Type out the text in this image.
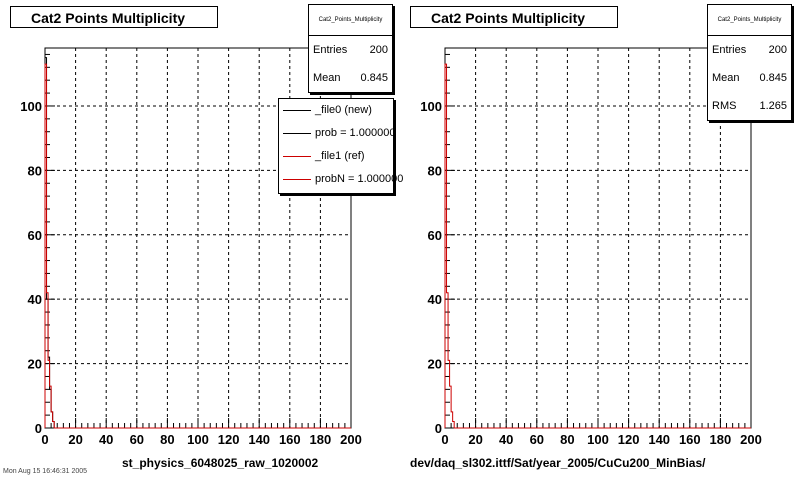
0 20 40 60 80 100 120 140 160 180 200
0
20
40
60
80
100
0 20 40 60 80 100 120 140 160 180 200
0
20
40
60
80
100
Cat2 Points Multiplicity	Cat2_Points_Multiplicity
Entries 200
Mean 0.845
_file0 (new)
prob = 1.000000
_file1 (ref)
probN = 1.000000
st_physics_6048025_raw_1020002
Mon Aug 15 16:46:31 2005
Cat2 Points Multiplicity	Cat2_Points_Multiplicity
Entries 200
Mean 0.845
RMS 1.265
dev/daq_sl302.ittf/Sat/year_2005/CuCu200_MinBias/
